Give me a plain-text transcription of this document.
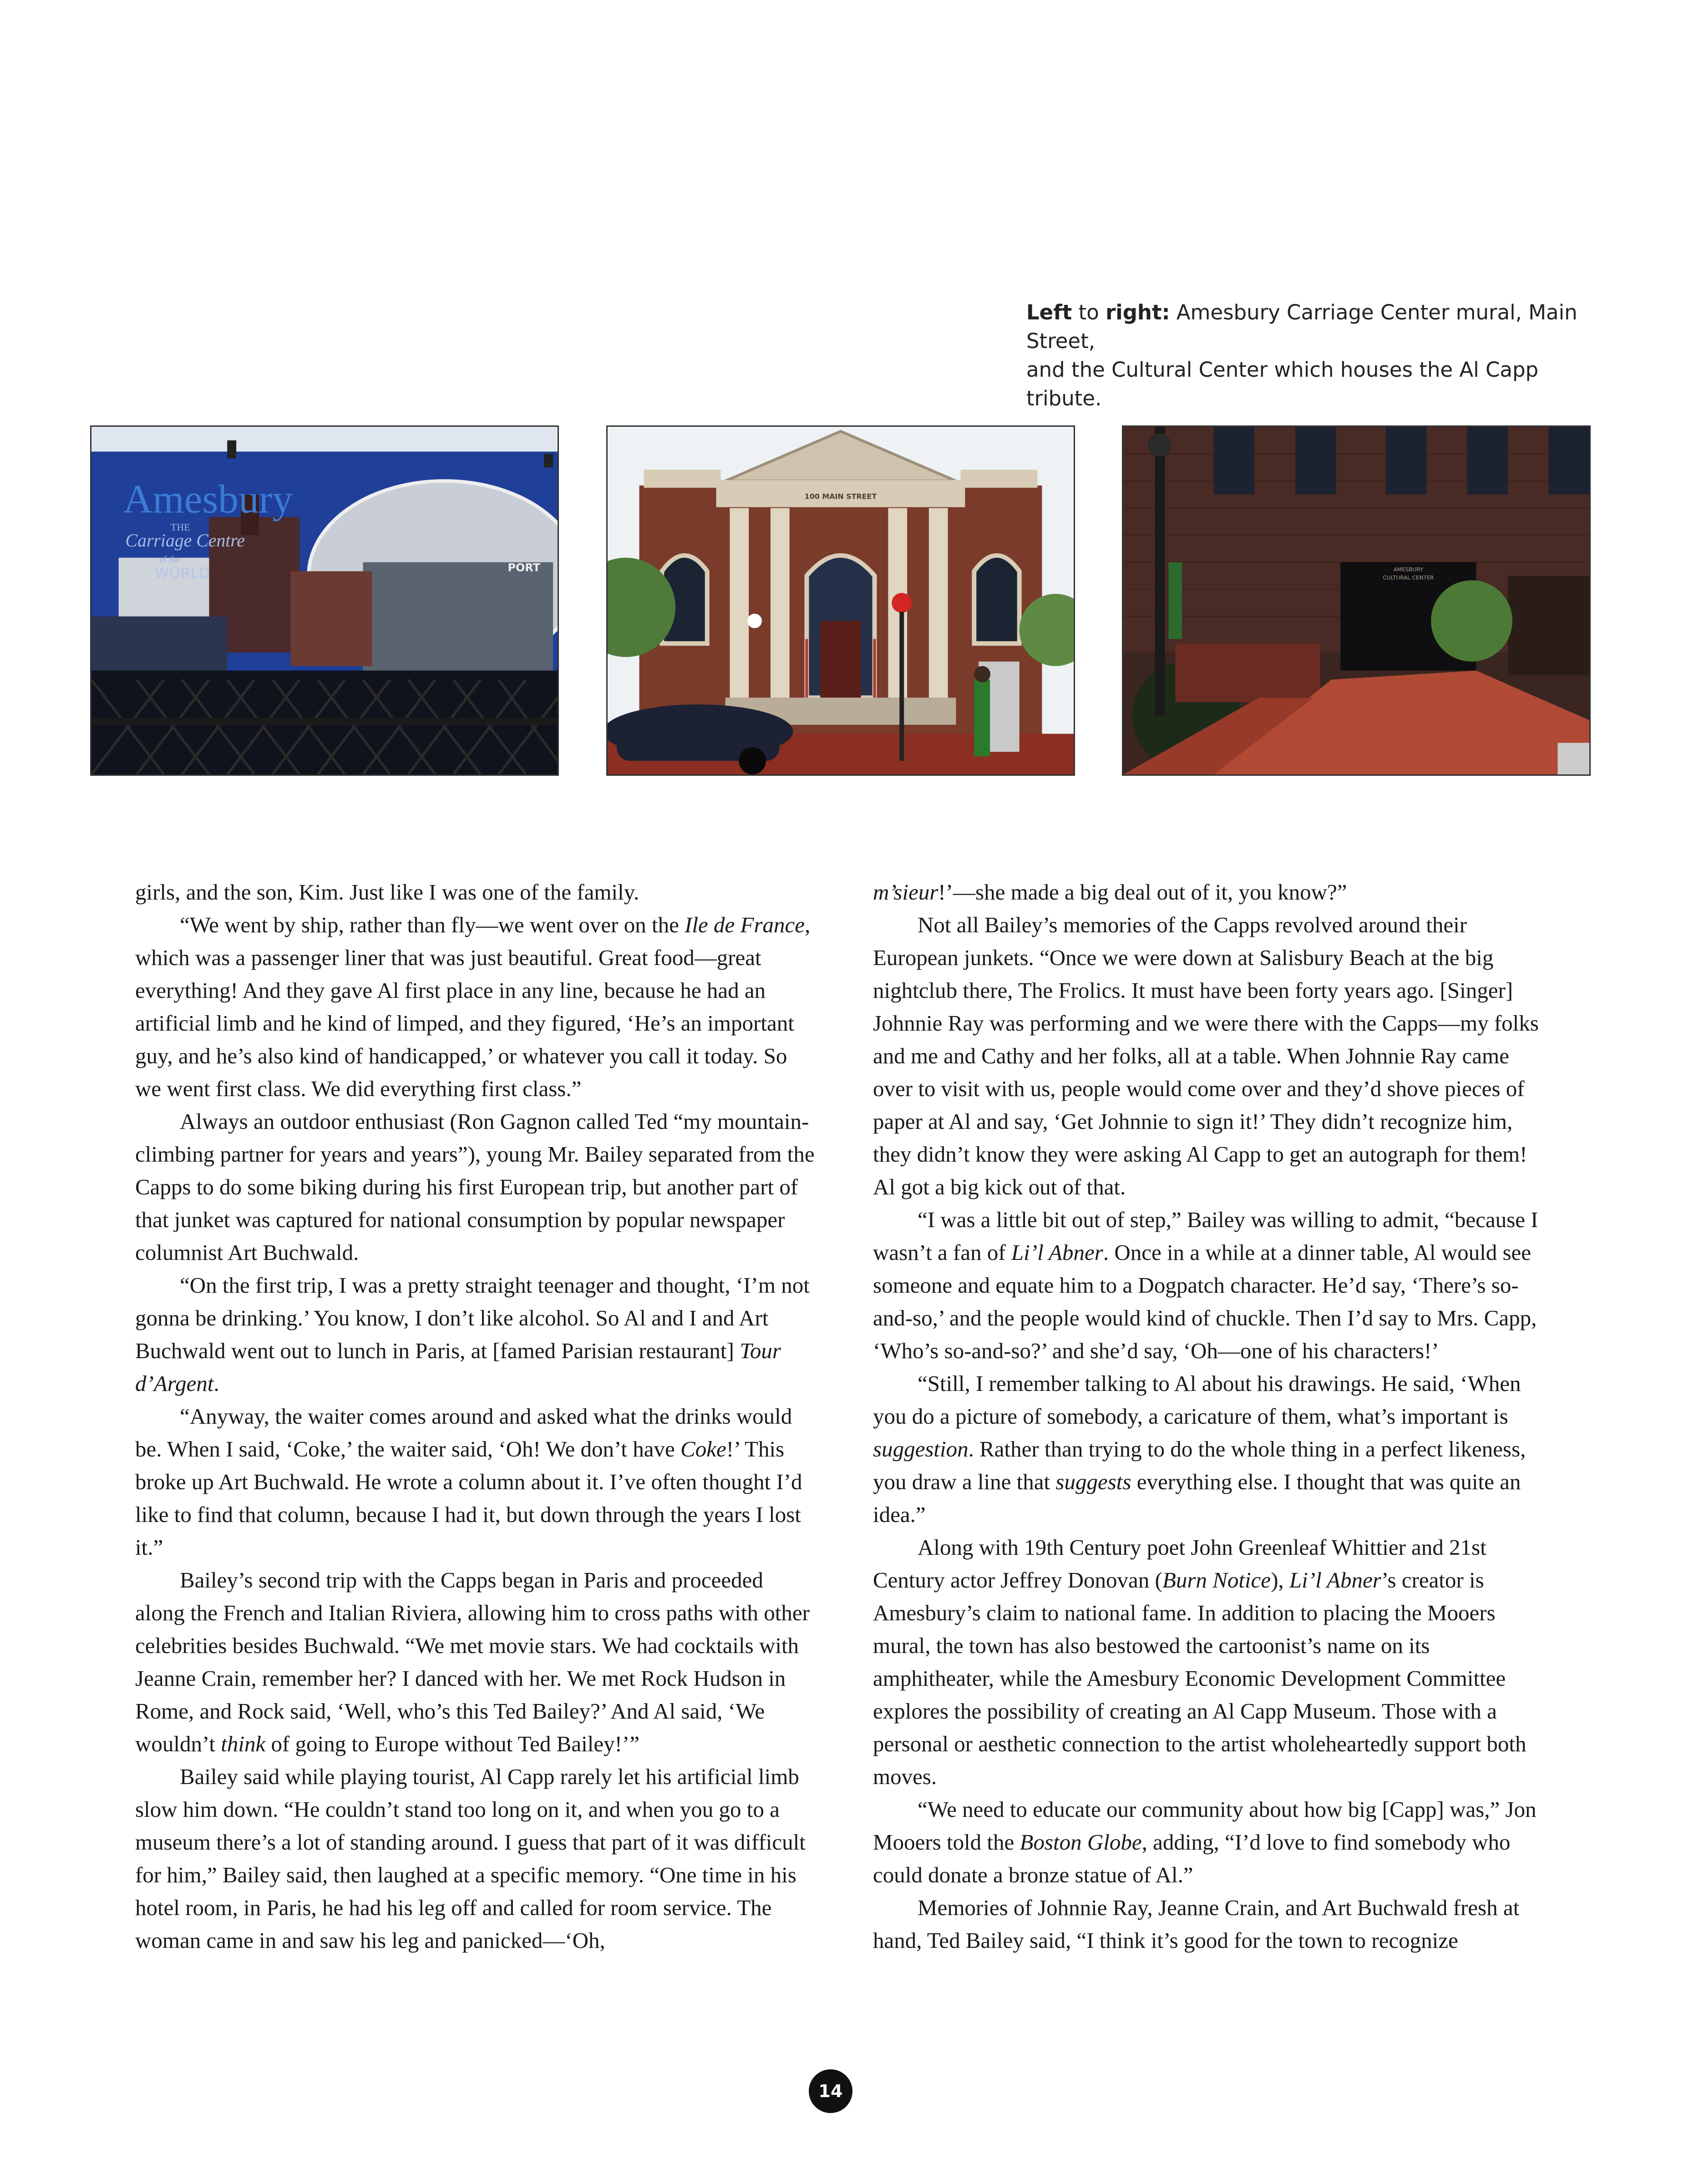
Left to right: Amesbury Carriage Center mural, Main Street,
and the Cultural Center which houses the Al Capp tribute.
Amesbury
THE
Carriage Centre
of the
WORLD	PORT
100 MAIN STREET
AMESBURY
CULTURAL CENTER

girls, and the son, Kim. Just like I was one of the family.

“We went by ship, rather than fly—we went over on the Ile de France, which was a passenger liner that was just beautiful. Great food—great everything! And they gave Al first place in any line, because he had an artificial limb and he kind of limped, and they figured, ‘He’s an important guy, and he’s also kind of handicapped,’ or whatever you call it today. So we went first class. We did everything first class.”

Always an outdoor enthusiast (Ron Gagnon called Ted “my mountain-climbing partner for years and years”), young Mr. Bailey separated from the Capps to do some biking during his first European trip, but another part of that junket was captured for national consumption by popular newspaper columnist Art Buchwald.

“On the first trip, I was a pretty straight teenager and thought, ‘I’m not gonna be drinking.’ You know, I don’t like alcohol. So Al and I and Art Buchwald went out to lunch in Paris, at [famed Parisian restaurant] Tour d’Argent.

“Anyway, the waiter comes around and asked what the drinks would be. When I said, ‘Coke,’ the waiter said, ‘Oh! We don’t have Coke!’ This broke up Art Buchwald. He wrote a column about it. I’ve often thought I’d like to find that column, because I had it, but down through the years I lost it.”

Bailey’s second trip with the Capps began in Paris and proceeded along the French and Italian Riviera, allowing him to cross paths with other celebrities besides Buchwald. “We met movie stars. We had cocktails with Jeanne Crain, remember her? I danced with her. We met Rock Hudson in Rome, and Rock said, ‘Well, who’s this Ted Bailey?’ And Al said, ‘We wouldn’t think of going to Europe without Ted Bailey!’”

Bailey said while playing tourist, Al Capp rarely let his artificial limb slow him down. “He couldn’t stand too long on it, and when you go to a museum there’s a lot of standing around. I guess that part of it was difficult for him,” Bailey said, then laughed at a specific memory. “One time in his hotel room, in Paris, he had his leg off and called for room service. The woman came in and saw his leg and panicked—‘Oh,

m’sieur!’—she made a big deal out of it, you know?”

Not all Bailey’s memories of the Capps revolved around their European junkets. “Once we were down at Salisbury Beach at the big nightclub there, The Frolics. It must have been forty years ago. [Singer] Johnnie Ray was performing and we were there with the Capps—my folks and me and Cathy and her folks, all at a table. When Johnnie Ray came over to visit with us, people would come over and they’d shove pieces of paper at Al and say, ‘Get Johnnie to sign it!’ They didn’t recognize him, they didn’t know they were asking Al Capp to get an autograph for them! Al got a big kick out of that.

“I was a little bit out of step,” Bailey was willing to admit, “because I wasn’t a fan of Li’l Abner. Once in a while at a dinner table, Al would see someone and equate him to a Dogpatch character. He’d say, ‘There’s so-and-so,’ and the people would kind of chuckle. Then I’d say to Mrs. Capp, ‘Who’s so-and-so?’ and she’d say, ‘Oh—one of his characters!’

“Still, I remember talking to Al about his drawings. He said, ‘When you do a picture of somebody, a caricature of them, what’s important is suggestion. Rather than trying to do the whole thing in a perfect likeness, you draw a line that suggests everything else. I thought that was quite an idea.”

Along with 19th Century poet John Greenleaf Whittier and 21st Century actor Jeffrey Donovan (Burn Notice), Li’l Abner’s creator is Amesbury’s claim to national fame. In addition to placing the Mooers mural, the town has also bestowed the cartoonist’s name on its amphitheater, while the Amesbury Economic Development Committee explores the possibility of creating an Al Capp Museum. Those with a personal or aesthetic connection to the artist wholeheartedly support both moves.

“We need to educate our community about how big [Capp] was,” Jon Mooers told the Boston Globe, adding, “I’d love to find somebody who could donate a bronze statue of Al.”

Memories of Johnnie Ray, Jeanne Crain, and Art Buchwald fresh at hand, Ted Bailey said, “I think it’s good for the town to recognize

14
